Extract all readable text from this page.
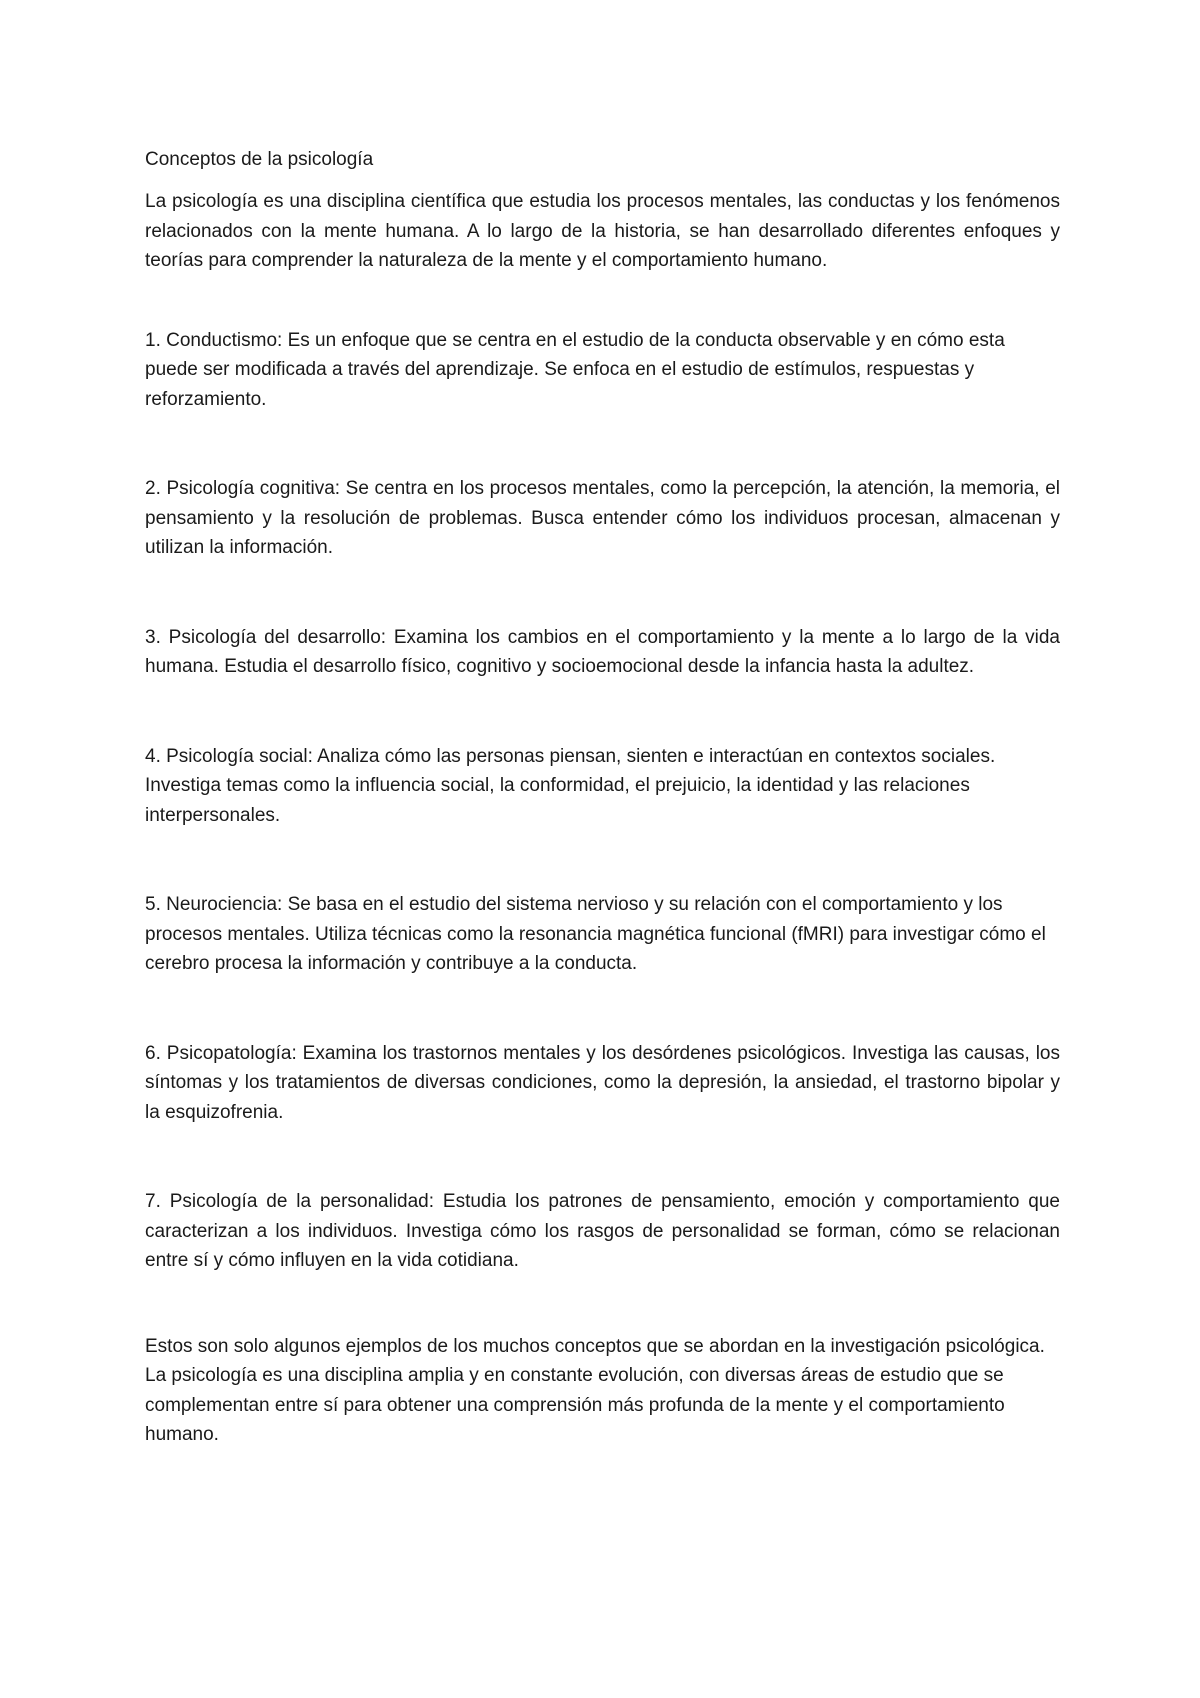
Conceptos de la psicología

La psicología es una disciplina científica que estudia los procesos mentales, las conductas y los fenómenos relacionados con la mente humana. A lo largo de la historia, se han desarrollado diferentes enfoques y teorías para comprender la naturaleza de la mente y el comportamiento humano.

1. Conductismo: Es un enfoque que se centra en el estudio de la conducta observable y en cómo esta puede ser modificada a través del aprendizaje. Se enfoca en el estudio de estímulos, respuestas y reforzamiento.

2. Psicología cognitiva: Se centra en los procesos mentales, como la percepción, la atención, la memoria, el pensamiento y la resolución de problemas. Busca entender cómo los individuos procesan, almacenan y utilizan la información.

3. Psicología del desarrollo: Examina los cambios en el comportamiento y la mente a lo largo de la vida humana. Estudia el desarrollo físico, cognitivo y socioemocional desde la infancia hasta la adultez.

4. Psicología social: Analiza cómo las personas piensan, sienten e interactúan en contextos sociales. Investiga temas como la influencia social, la conformidad, el prejuicio, la identidad y las relaciones interpersonales.

5. Neurociencia: Se basa en el estudio del sistema nervioso y su relación con el comportamiento y los procesos mentales. Utiliza técnicas como la resonancia magnética funcional (fMRI) para investigar cómo el cerebro procesa la información y contribuye a la conducta.

6. Psicopatología: Examina los trastornos mentales y los desórdenes psicológicos. Investiga las causas, los síntomas y los tratamientos de diversas condiciones, como la depresión, la ansiedad, el trastorno bipolar y la esquizofrenia.

7. Psicología de la personalidad: Estudia los patrones de pensamiento, emoción y comportamiento que caracterizan a los individuos. Investiga cómo los rasgos de personalidad se forman, cómo se relacionan entre sí y cómo influyen en la vida cotidiana.

Estos son solo algunos ejemplos de los muchos conceptos que se abordan en la investigación psicológica. La psicología es una disciplina amplia y en constante evolución, con diversas áreas de estudio que se complementan entre sí para obtener una comprensión más profunda de la mente y el comportamiento humano.
